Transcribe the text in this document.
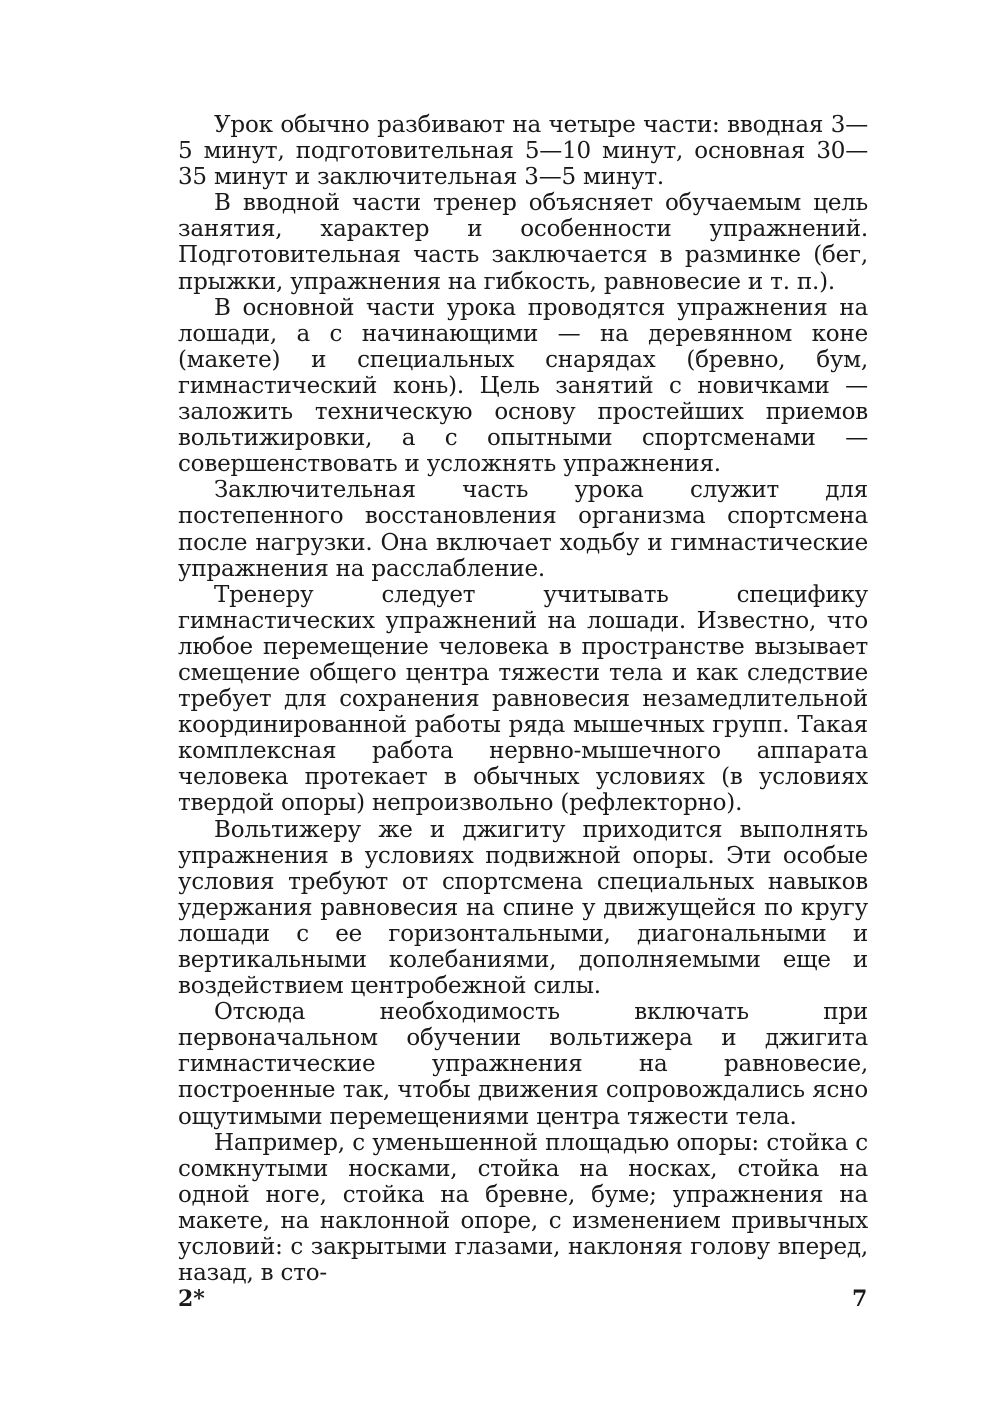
Урок обычно разбивают на четыре части: вводная 3—5 минут, подготовительная 5—10 минут, основная 30—35 минут и заключительная 3—5 минут.

В вводной части тренер объясняет обучаемым цель занятия, характер и особенности упражнений. Подготовительная часть заключается в разминке (бег, прыжки, упражнения на гибкость, равновесие и т. п.).

В основной части урока проводятся упражнения на лошади, а с начинающими — на деревянном коне (макете) и специальных снарядах (бревно, бум, гимнастический конь). Цель занятий с новичками — заложить техническую основу простейших приемов вольтижировки, а с опытными спортсменами — совершенствовать и усложнять упражнения.

Заключительная часть урока служит для постепенного восстановления организма спортсмена после нагрузки. Она включает ходьбу и гимнастические упражнения на расслабление.

Тренеру следует учитывать специфику гимнастических упражнений на лошади. Известно, что любое перемещение человека в пространстве вызывает смещение общего центра тяжести тела и как следствие требует для сохранения равновесия незамедлительной координированной работы ряда мышечных групп. Такая комплексная работа нервно-мышечного аппарата человека протекает в обычных условиях (в условиях твердой опоры) непроизвольно (рефлекторно).

Вольтижеру же и джигиту приходится выполнять упражнения в условиях подвижной опоры. Эти особые условия требуют от спортсмена специальных навыков удержания равновесия на спине у движущейся по кругу лошади с ее горизонтальными, диагональными и вертикальными колебаниями, дополняемыми еще и воздействием центробежной силы.

Отсюда необходимость включать при первоначальном обучении вольтижера и джигита гимнастические упражнения на равновесие, построенные так, чтобы движения сопровождались ясно ощутимыми перемещениями центра тяжести тела.

Например, с уменьшенной площадью опоры: стойка с сомкнутыми носками, стойка на носках, стойка на одной ноге, стойка на бревне, буме; упражнения на макете, на наклонной опоре, с изменением привычных условий: с закрытыми глазами, наклоняя голову вперед, назад, в сто-

2*	7
